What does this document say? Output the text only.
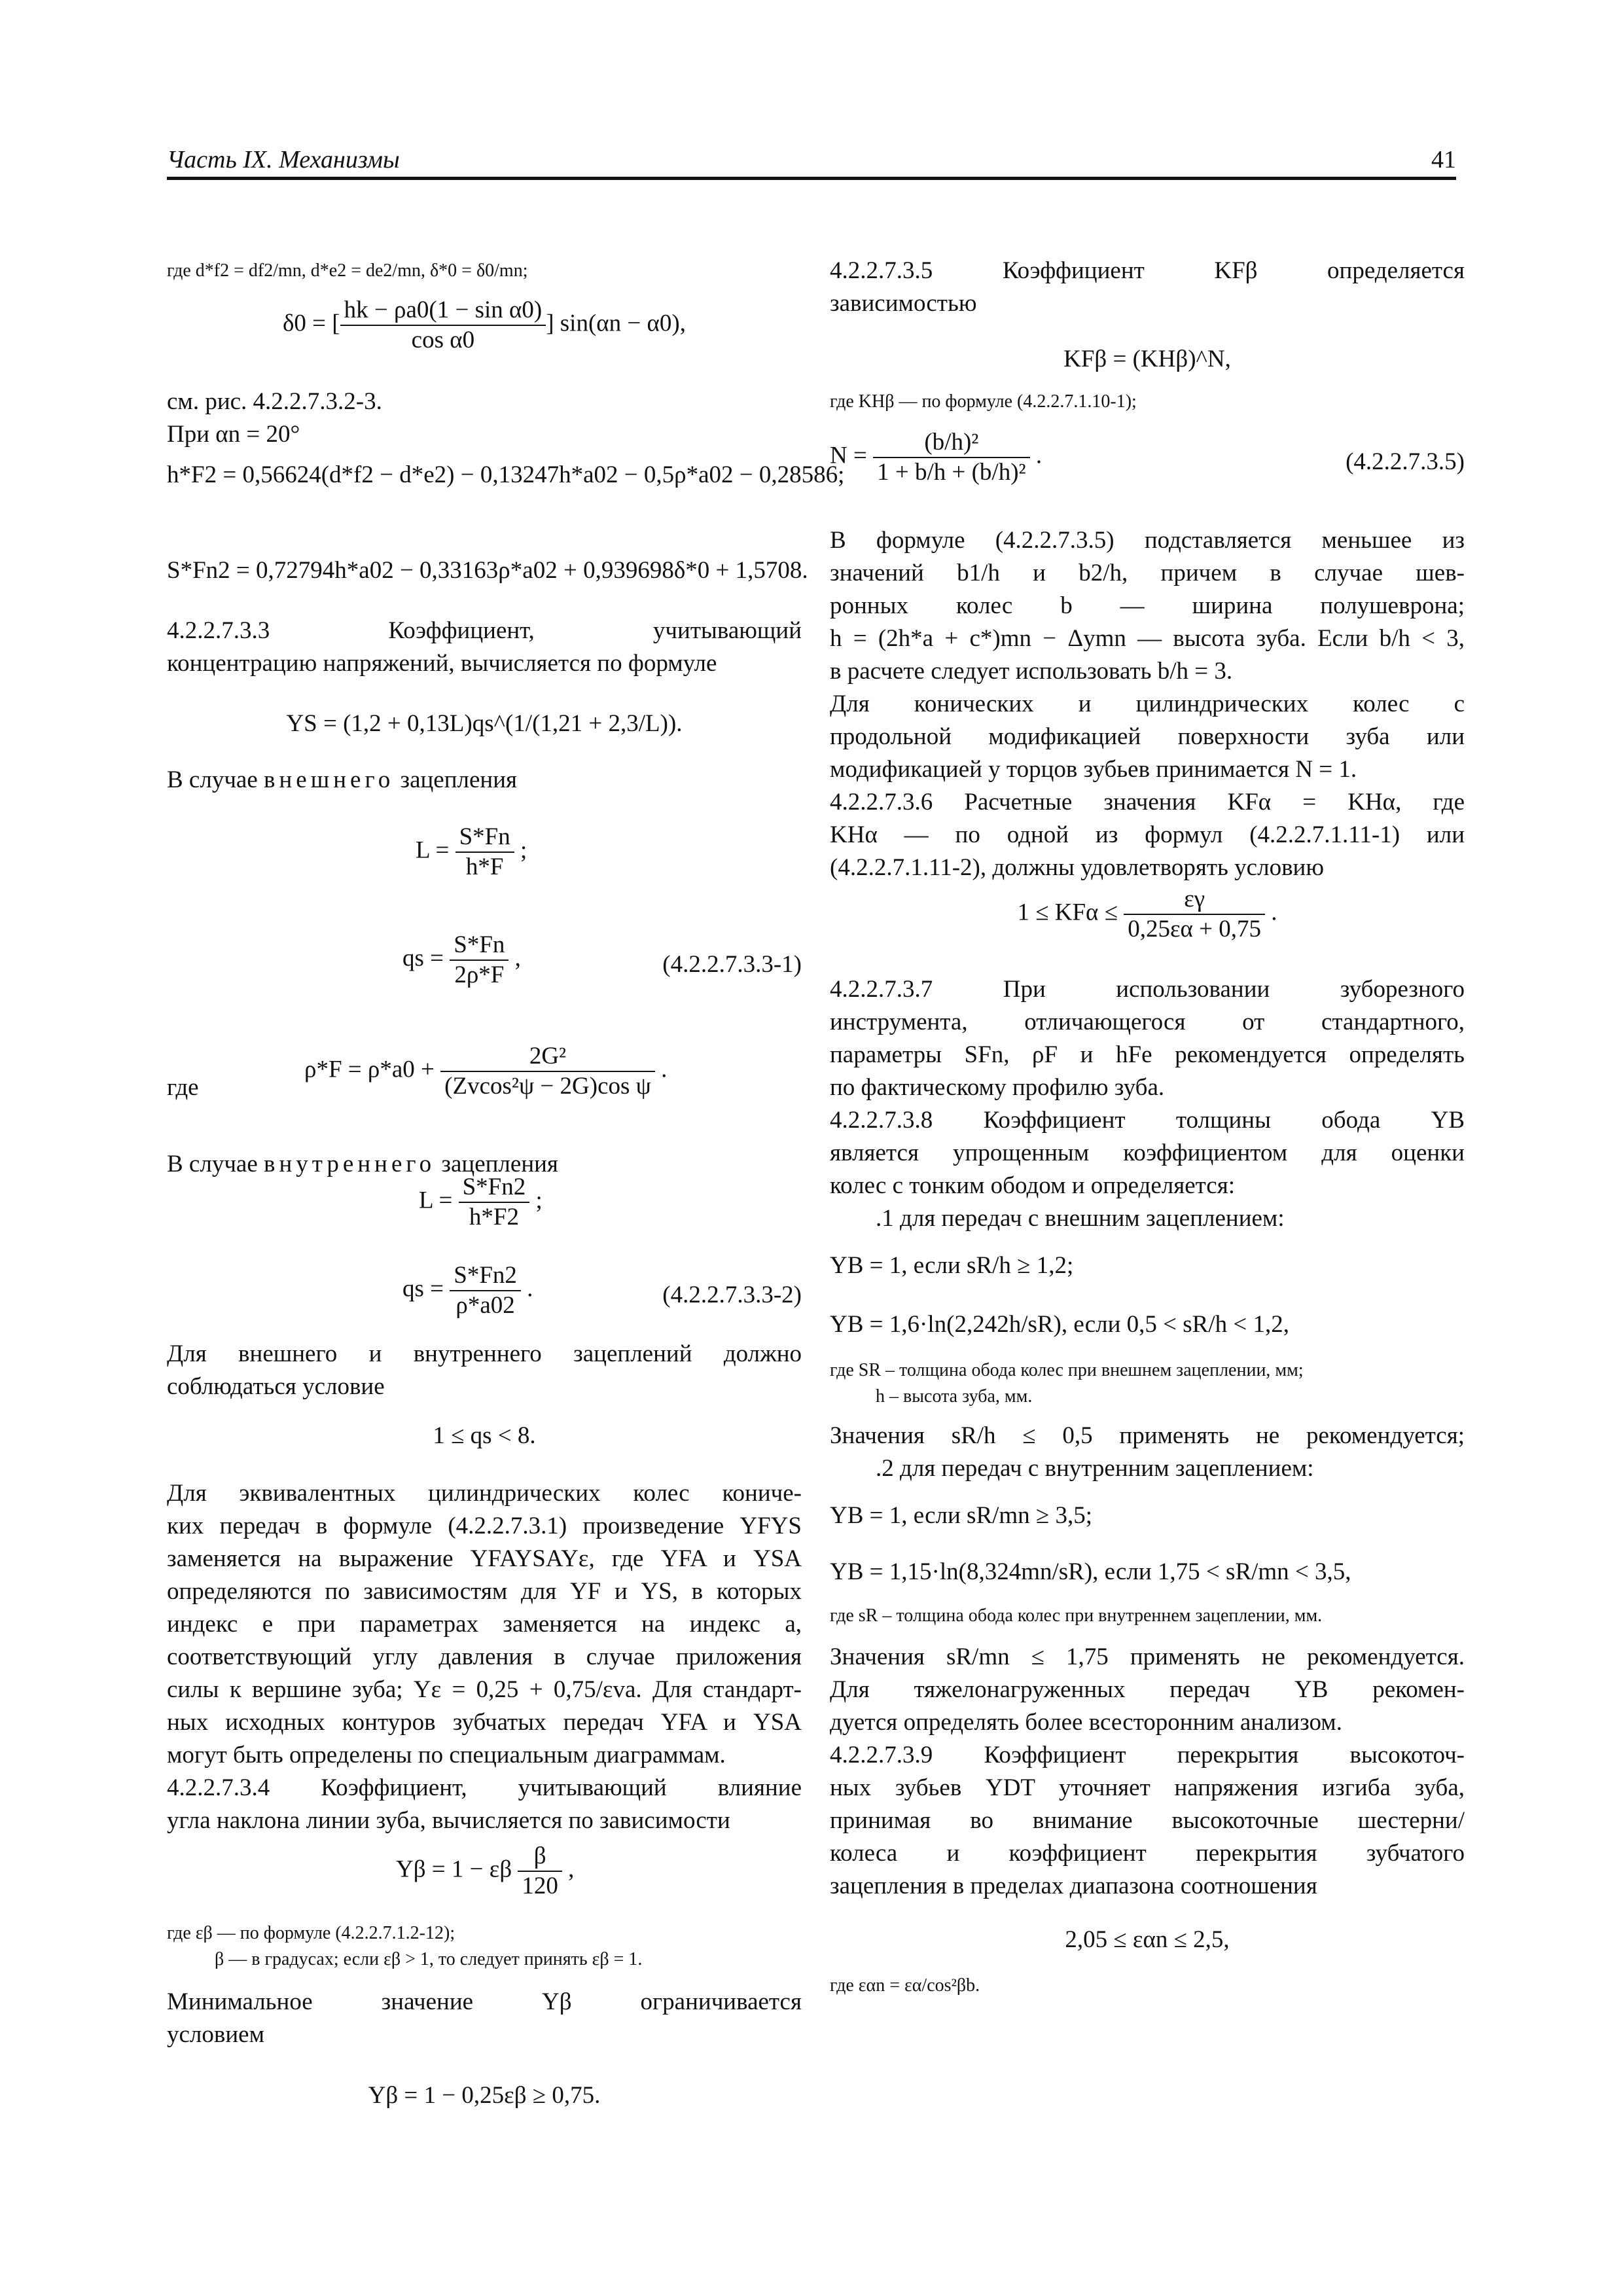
Часть IX. Механизмы	41
где d*f2 = df2/mn, d*e2 = de2/mn, δ*0 = δ0/mn;
δ0 = [ $\frac{\text{hk − ρa0(1 − sin α0)}}{\text{cos α0}}$ ] sin(αn − α0),
см. рис. 4.2.2.7.3.2-3.
При αn = 20°
h*F2 = 0,56624(d*f2 − d*e2) − 0,13247h*a02 − 0,5ρ*a02 − 0,28586;
S*Fn2 = 0,72794h*a02 − 0,33163ρ*a02 + 0,939698δ*0 + 1,5708.
4.2.2.7.3.3 Коэффициент, учитывающий
концентрацию напряжений, вычисляется по формуле
YS = (1,2 + 0,13L)qs^(1/(1,21 + 2,3/L)).
В случае внешнего зацепления
$L = \frac{S*Fn}{h*F}$ ;
qs = $\frac{S*Fn}{2\rho*F}$ ,	(4.2.2.7.3.3-1)
где
$\rho*F = \rho*a0 + \frac{\text{2G²}}{\text{(Zvcos²ψ − 2G)cos ψ}}$ .
В случае внутреннего зацепления
$L = \frac{S*Fn2}{h*F2}$ ;
qs = $\frac{S*Fn2}{\rho*a02}$ .	(4.2.2.7.3.3-2)
Для внешнего и внутреннего зацеплений должно
соблюдаться условие
1 ≤ qs < 8.
Для эквивалентных цилиндрических колес кониче-
ких передач в формуле (4.2.2.7.3.1) произведение YFYS
заменяется на выражение YFAYSAYε, где YFA и YSA
определяются по зависимостям для YF и YS, в которых
индекс e при параметрах заменяется на индекс a,
соответствующий углу давления в случае приложения
силы к вершине зуба; Yε = 0,25 + 0,75/εva. Для стандарт-
ных исходных контуров зубчатых передач YFA и YSA
могут быть определены по специальным диаграммам.
4.2.2.7.3.4 Коэффициент, учитывающий влияние
угла наклона линии зуба, вычисляется по зависимости
Yβ = 1 − εβ $\frac{\beta}{120}$ ,
где εβ — по формуле (4.2.2.7.1.2-12);
β — в градусах; если εβ > 1, то следует принять εβ = 1.
Минимальное значение Yβ ограничивается
условием
Yβ = 1 − 0,25εβ ≥ 0,75.
4.2.2.7.3.5 Коэффициент KFβ определяется
зависимостью
KFβ = (KHβ)^N,
где KHβ — по формуле (4.2.2.7.1.10-1);
$N = \frac{\text{(b/h)²}}{\text{1 + b/h + (b/h)²}}$ .	(4.2.2.7.3.5)
В формуле (4.2.2.7.3.5) подставляется меньшее из
значений b1/h и b2/h, причем в случае шев-
ронных колес b — ширина полушеврона;
h = (2h*a + c*)mn − Δymn — высота зуба. Если b/h < 3,
в расчете следует использовать b/h = 3.
Для конических и цилиндрических колес с
продольной модификацией поверхности зуба или
модификацией у торцов зубьев принимается N = 1.
4.2.2.7.3.6 Расчетные значения KFα = KHα, где
KHα — по одной из формул (4.2.2.7.1.11-1) или
(4.2.2.7.1.11-2), должны удовлетворять условию
$1 \le KF\alpha \le \frac{\varepsilon\gamma}{0,25\varepsilon\alpha + 0,75}$ .
4.2.2.7.3.7 При использовании зуборезного
инструмента, отличающегося от стандартного,
параметры SFn, ρF и hFe рекомендуется определять
по фактическому профилю зуба.
4.2.2.7.3.8 Коэффициент толщины обода YB
является упрощенным коэффициентом для оценки
колес с тонким ободом и определяется:
.1 для передач с внешним зацеплением:
YB = 1, если sR/h ≥ 1,2;
YB = 1,6·ln(2,242h/sR), если 0,5 < sR/h < 1,2,
где SR – толщина обода колес при внешнем зацеплении, мм;
h – высота зуба, мм.
Значения sR/h ≤ 0,5 применять не рекомендуется;
.2 для передач с внутренним зацеплением:
YB = 1, если sR/mn ≥ 3,5;
YB = 1,15·ln(8,324mn/sR), если 1,75 < sR/mn < 3,5,
где sR – толщина обода колес при внутреннем зацеплении, мм.
Значения sR/mn ≤ 1,75 применять не рекомендуется.
Для тяжелонагруженных передач YB рекомен-
дуется определять более всесторонним анализом.
4.2.2.7.3.9 Коэффициент перекрытия высокоточ-
ных зубьев YDT уточняет напряжения изгиба зуба,
принимая во внимание высокоточные шестерни/
колеса и коэффициент перекрытия зубчатого
зацепления в пределах диапазона соотношения
2,05 ≤ εαn ≤ 2,5,
где εαn = εα/cos²βb.
